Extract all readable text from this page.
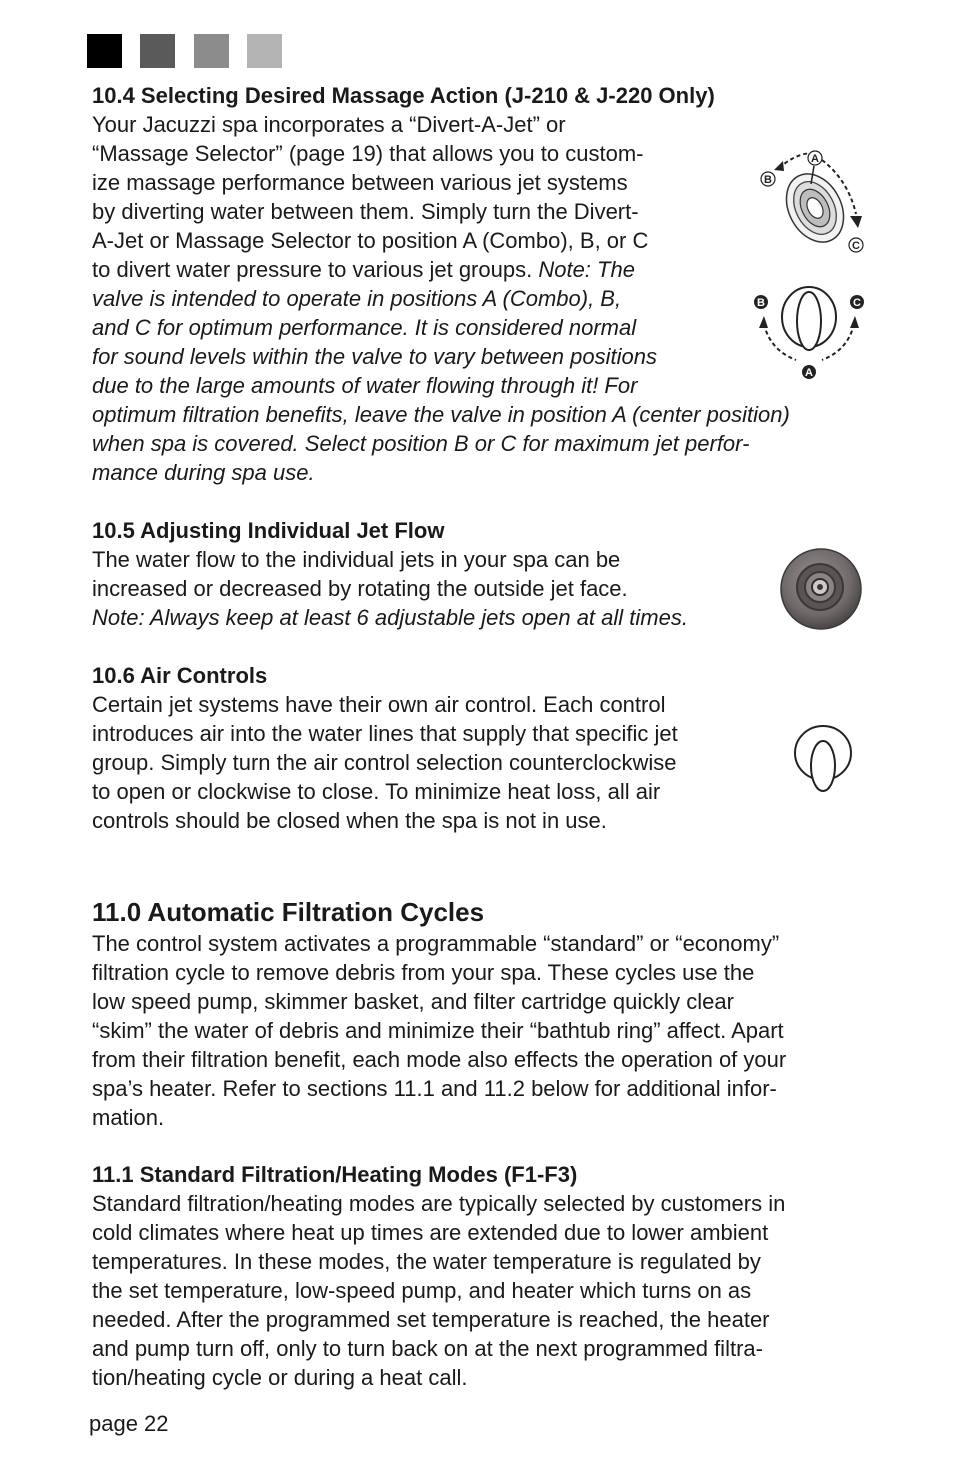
10.4 Selecting Desired Massage Action (J-210 & J-220 Only)
Your Jacuzzi spa incorporates a “Divert-A-Jet” or
“Massage Selector” (page 19) that allows you to custom-
ize massage performance between various jet systems
by diverting water between them. Simply turn the Divert-
A-Jet or Massage Selector to position A (Combo), B, or C
to divert water pressure to various jet groups. Note: The
valve is intended to operate in positions A (Combo), B,
and C for optimum performance. It is considered normal
for sound levels within the valve to vary between positions
due to the large amounts of water flowing through it! For
optimum filtration benefits, leave the valve in position A (center position)
when spa is covered. Select position B or C for maximum jet perfor-
mance during spa use.
A
B
C
B	C
A
10.5 Adjusting Individual Jet Flow
The water flow to the individual jets in your spa can be
increased or decreased by rotating the outside jet face.
Note: Always keep at least 6 adjustable jets open at all times.
10.6 Air Controls
Certain jet systems have their own air control. Each control
introduces air into the water lines that supply that specific jet
group. Simply turn the air control selection counterclockwise
to open or clockwise to close. To minimize heat loss, all air
controls should be closed when the spa is not in use.
11.0 Automatic Filtration Cycles
The control system activates a programmable “standard” or “economy”
filtration cycle to remove debris from your spa. These cycles use the
low speed pump, skimmer basket, and filter cartridge quickly clear
“skim” the water of debris and minimize their “bathtub ring” affect. Apart
from their filtration benefit, each mode also effects the operation of your
spa’s heater. Refer to sections 11.1 and 11.2 below for additional infor-
mation.
11.1 Standard Filtration/Heating Modes (F1-F3)
Standard filtration/heating modes are typically selected by customers in
cold climates where heat up times are extended due to lower ambient
temperatures. In these modes, the water temperature is regulated by
the set temperature, low-speed pump, and heater which turns on as
needed. After the programmed set temperature is reached, the heater
and pump turn off, only to turn back on at the next programmed filtra-
tion/heating cycle or during a heat call.
page 22
